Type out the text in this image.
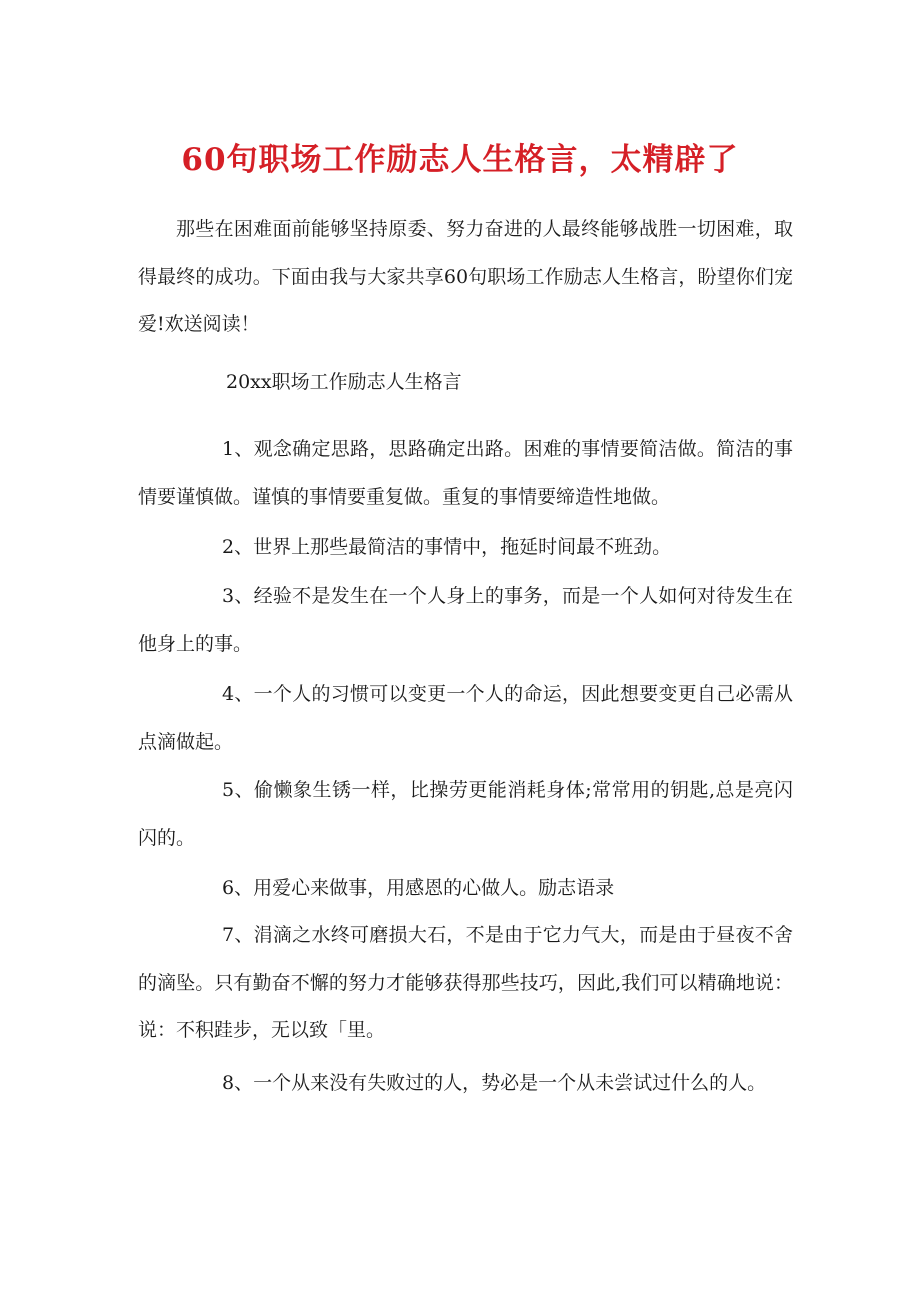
60句职场工作励志人生格言，太精辟了

那些在困难面前能够坚持原委、努力奋进的人最终能够战胜一切困难，取得最终的成功。下面由我与大家共享60句职场工作励志人生格言，盼望你们宠爱!欢送阅读！

20xx职场工作励志人生格言

1、观念确定思路，思路确定出路。困难的事情要简洁做。简洁的事情要谨慎做。谨慎的事情要重复做。重复的事情要缔造性地做。

2、世界上那些最简洁的事情中，拖延时间最不班劲。

3、经验不是发生在一个人身上的事务，而是一个人如何对待发生在他身上的事。

4、一个人的习惯可以变更一个人的命运，因此想要变更自己必需从点滴做起。

5、偷懒象生锈一样，比操劳更能消耗身体;常常用的钥匙,总是亮闪闪的。

6、用爱心来做事，用感恩的心做人。励志语录

7、涓滴之水终可磨损大石，不是由于它力气大，而是由于昼夜不舍的滴坠。只有勤奋不懈的努力才能够获得那些技巧，因此,我们可以精确地说：说：不积跬步，无以致「里。

8、一个从来没有失败过的人，势必是一个从未尝试过什么的人。
